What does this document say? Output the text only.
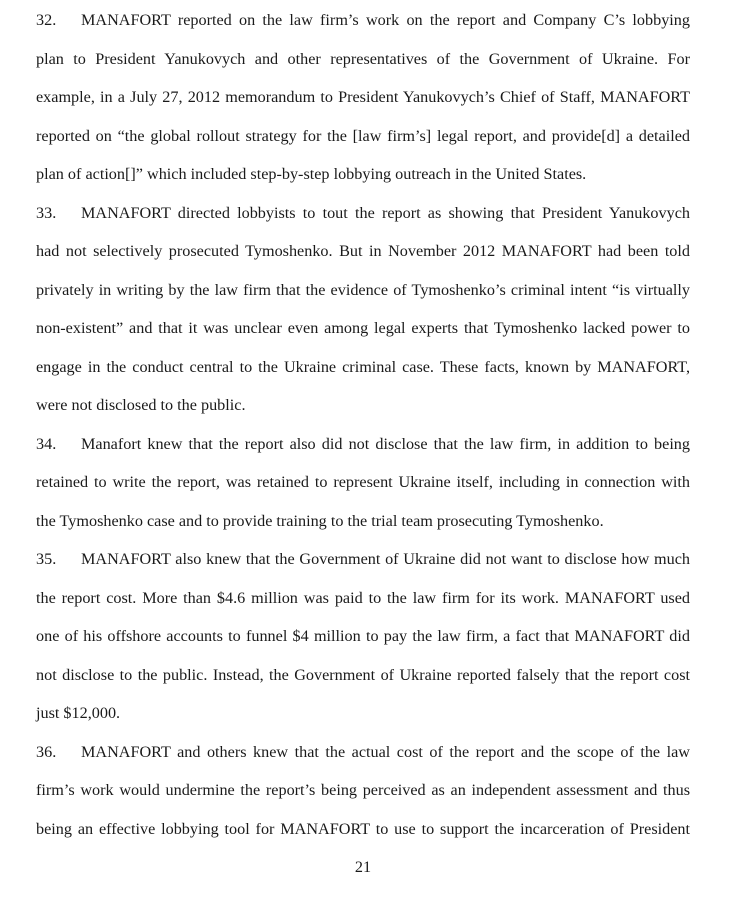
32. MANAFORT reported on the law firm’s work on the report and Company C’s lobbying
plan to President Yanukovych and other representatives of the Government of Ukraine. For
example, in a July 27, 2012 memorandum to President Yanukovych’s Chief of Staff, MANAFORT
reported on “the global rollout strategy for the [law firm’s] legal report, and provide[d] a detailed
plan of action[]” which included step-by-step lobbying outreach in the United States.
33. MANAFORT directed lobbyists to tout the report as showing that President Yanukovych
had not selectively prosecuted Tymoshenko. But in November 2012 MANAFORT had been told
privately in writing by the law firm that the evidence of Tymoshenko’s criminal intent “is virtually
non-existent” and that it was unclear even among legal experts that Tymoshenko lacked power to
engage in the conduct central to the Ukraine criminal case. These facts, known by MANAFORT,
were not disclosed to the public.
34. Manafort knew that the report also did not disclose that the law firm, in addition to being
retained to write the report, was retained to represent Ukraine itself, including in connection with
the Tymoshenko case and to provide training to the trial team prosecuting Tymoshenko.
35. MANAFORT also knew that the Government of Ukraine did not want to disclose how much
the report cost. More than $4.6 million was paid to the law firm for its work. MANAFORT used
one of his offshore accounts to funnel $4 million to pay the law firm, a fact that MANAFORT did
not disclose to the public. Instead, the Government of Ukraine reported falsely that the report cost
just $12,000.
36. MANAFORT and others knew that the actual cost of the report and the scope of the law
firm’s work would undermine the report’s being perceived as an independent assessment and thus
being an effective lobbying tool for MANAFORT to use to support the incarceration of President
21
